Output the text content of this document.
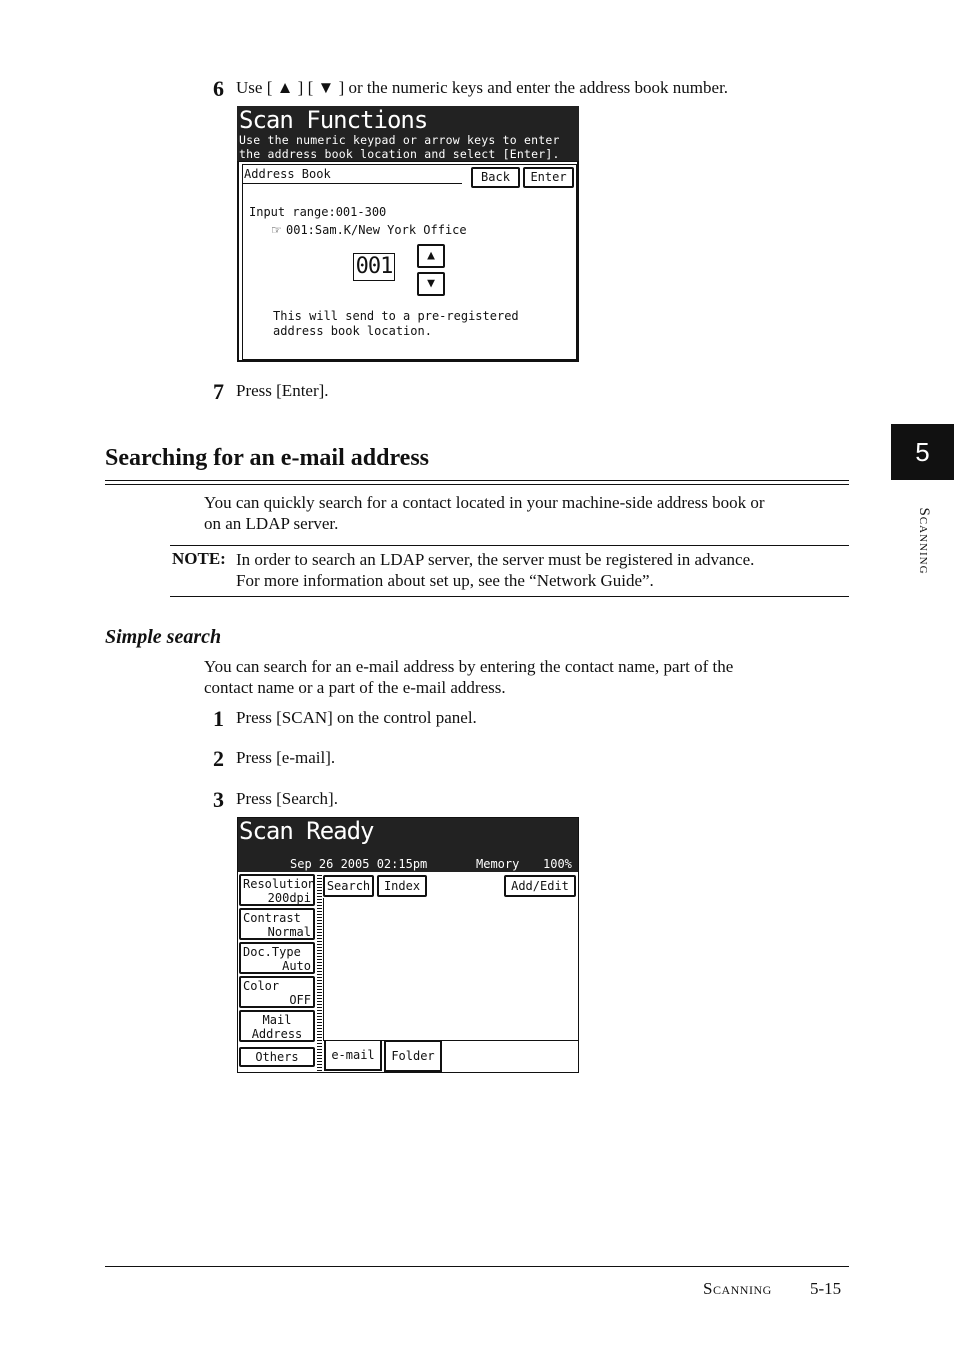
6 Use [ ▲ ] [ ▼ ] or the numeric keys and enter the address book number.
Scan Functions
Use the numeric keypad or arrow keys to enter
the address book location and select [Enter].
Address Book	Back	Enter
Input range:001-300
☞ 001:Sam.K/New York Office
001	▲
▼
This will send to a pre-registered
address book location.
7 Press [Enter].
Searching for an e-mail address
You can quickly search for a contact located in your machine-side address book or
on an LDAP server.
NOTE: In order to search an LDAP server, the server must be registered in advance.
For more information about set up, see the “Network Guide”.
Simple search
You can search for an e-mail address by entering the contact name, part of the
contact name or a part of the e-mail address.
1 Press [SCAN] on the control panel.
2 Press [e-mail].
3 Press [Search].
Scan Ready
Sep 26 2005 02:15pm	Memory 100%
Resolution
200dpi
Contrast
Normal
Doc.Type
Auto
Color
OFF
Mail
Address
Others
Search	Index	Add/Edit
e-mail	Folder
5
Scanning
Scanning 5-15
